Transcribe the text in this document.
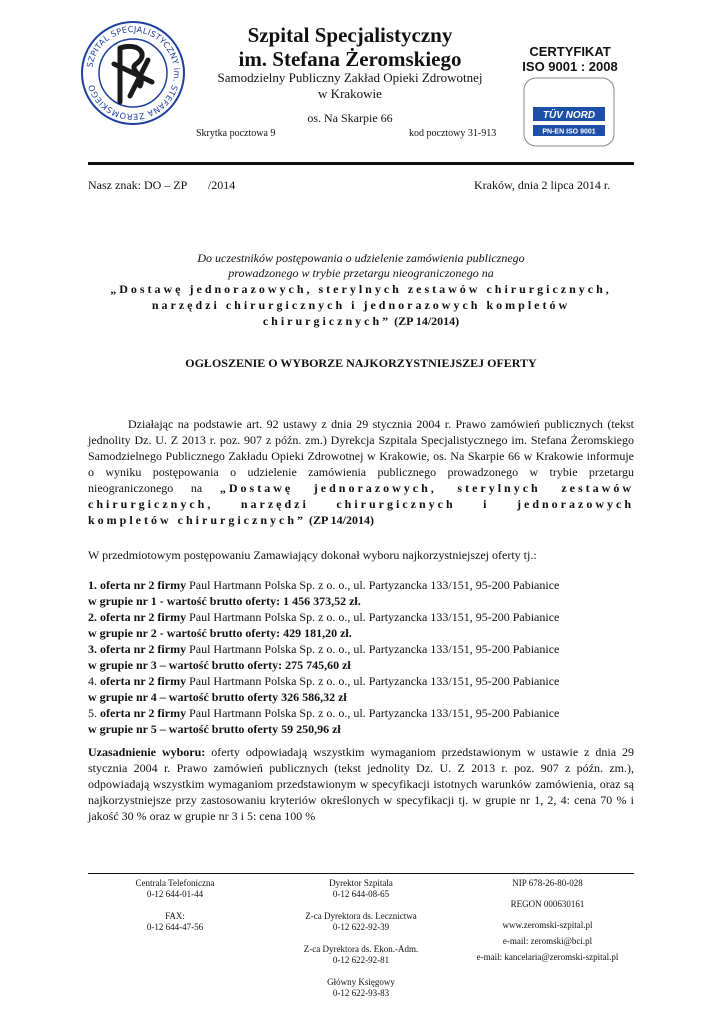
SZPITAL SPECJALISTYCZNY im. STEFANA ŻEROMSKIEGO
Szpital Specjalistyczny
im. Stefana Żeromskiego
Samodzielny Publiczny Zakład Opieki Zdrowotnej
w Krakowie
os. Na Skarpie 66
Skrytka pocztowa 9	kod pocztowy 31-913
CERTYFIKAT
ISO 9001 : 2008
TÜV NORD
PN-EN ISO 9001
Nasz znak: DO – ZP       /2014	Kraków, dnia 2 lipca 2014 r.
Do uczestników postępowania o udzielenie zamówienia publicznego
prowadzonego w trybie przetargu nieograniczonego na
„Dostawę jednorazowych, sterylnych zestawów chirurgicznych, narzędzi chirurgicznych i jednorazowych kompletów chirurgicznych” (ZP 14/2014)
OGŁOSZENIE O WYBORZE NAJKORZYSTNIEJSZEJ OFERTY
Działając na podstawie art. 92 ustawy z dnia 29 stycznia 2004 r. Prawo zamówień publicznych (tekst jednolity Dz. U. Z 2013 r. poz. 907 z późn. zm.) Dyrekcja Szpitala Specjalistycznego im. Stefana Żeromskiego Samodzielnego Publicznego Zakładu Opieki Zdrowotnej w Krakowie, os. Na Skarpie 66 w Krakowie informuje o wyniku postępowania o udzielenie zamówienia publicznego prowadzonego w trybie przetargu nieograniczonego na „Dostawę jednorazowych, sterylnych zestawów chirurgicznych, narzędzi chirurgicznych i jednorazowych kompletów chirurgicznych” (ZP 14/2014)
W przedmiotowym postępowaniu Zamawiający dokonał wyboru najkorzystniejszej oferty tj.:
1. oferta nr 2 firmy Paul Hartmann Polska Sp. z o. o., ul. Partyzancka 133/151, 95-200 Pabianice
w grupie nr 1 - wartość brutto oferty: 1 456 373,52 zł.
2. oferta nr 2 firmy Paul Hartmann Polska Sp. z o. o., ul. Partyzancka 133/151, 95-200 Pabianice
w grupie nr 2 - wartość brutto oferty: 429 181,20 zł.
3. oferta nr 2 firmy Paul Hartmann Polska Sp. z o. o., ul. Partyzancka 133/151, 95-200 Pabianice
w grupie nr 3 – wartość brutto oferty: 275 745,60 zł
4. oferta nr 2 firmy Paul Hartmann Polska Sp. z o. o., ul. Partyzancka 133/151, 95-200 Pabianice
w grupie nr 4 – wartość brutto oferty 326 586,32 zł
5. oferta nr 2 firmy Paul Hartmann Polska Sp. z o. o., ul. Partyzancka 133/151, 95-200 Pabianice
w grupie nr 5 – wartość brutto oferty 59 250,96 zł
Uzasadnienie wyboru: oferty odpowiadają wszystkim wymaganiom przedstawionym w ustawie z dnia 29 stycznia 2004 r. Prawo zamówień publicznych (tekst jednolity Dz. U. Z 2013 r. poz. 907 z późn. zm.), odpowiadają wszystkim wymaganiom przedstawionym w specyfikacji istotnych warunków zamówienia, oraz są najkorzystniejsze przy zastosowaniu kryteriów określonych w specyfikacji tj. w grupie nr 1, 2, 4: cena 70 % i jakość 30 % oraz w grupie nr 3 i 5: cena 100 %
Centrala Telefoniczna
0-12 644-01-44
FAX:
0-12 644-47-56
Dyrektor Szpitala
0-12 644-08-65
Z-ca Dyrektora ds. Lecznictwa
0-12 622-92-39
Z-ca Dyrektora ds. Ekon.-Adm.
0-12 622-92-81
Główny Księgowy
0-12 622-93-83
NIP 678-26-80-028
REGON 000630161
www.zeromski-szpital.pl
e-mail: zeromski@bci.pl
e-mail: kancelaria@zeromski-szpital.pl
